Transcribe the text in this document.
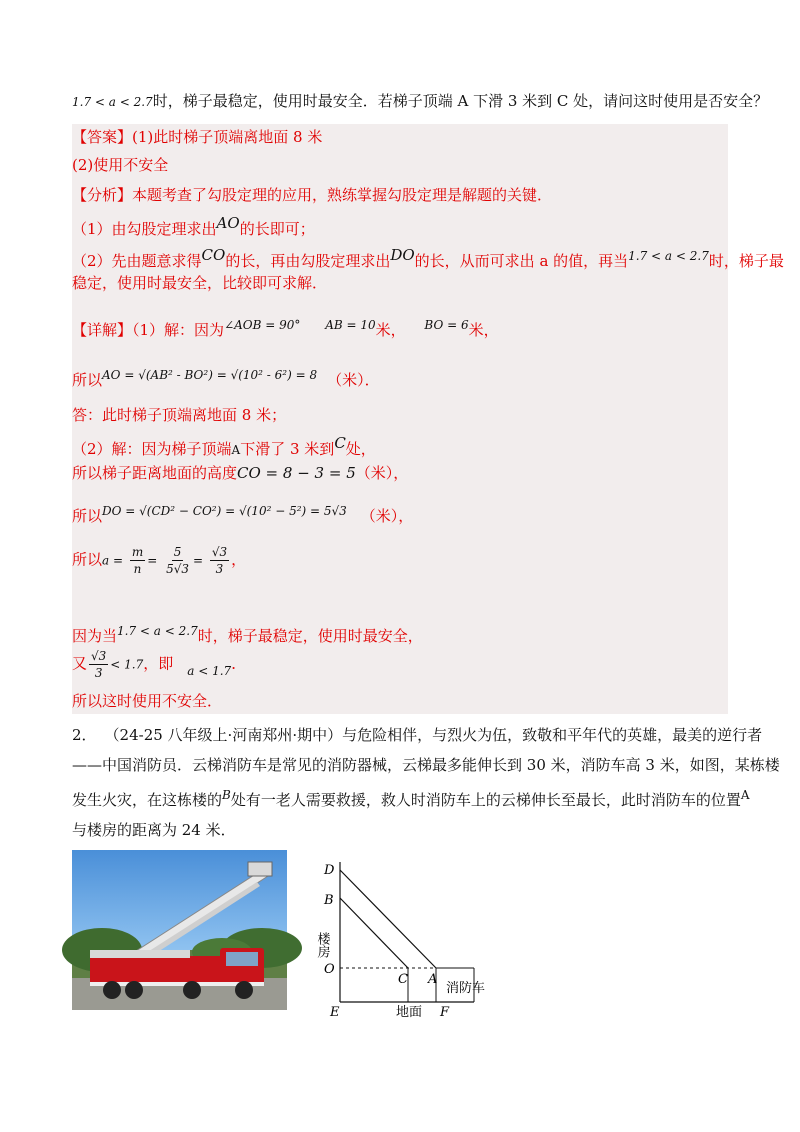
1.7 < a < 2.7时，梯子最稳定，使用时最安全．若梯子顶端 A 下滑 3 米到 C 处，请问这时使用是否安全？
【答案】(1)此时梯子顶端离地面 8 米
(2)使用不安全
【分析】本题考查了勾股定理的应用，熟练掌握勾股定理是解题的关键．
（1）由勾股定理求出AO的长即可；
（2）先由题意求得CO的长，再由勾股定理求出DO的长，从而可求出 a 的值，再当$^{1.7 < a < 2.7}$时，梯子最
稳定，使用时最安全，比较即可求解．
【详解】（1）解：因为$^{\angle AOB = 90^\circ}$ $^{AB = 10}$米， $^{BO = 6}$米，
所以$^{AO = √(AB^2 - BO^2) = √(10^2 - 6^2) = 8}$ （米）．
答：此时梯子顶端离地面 8 米；
（2）解：因为梯子顶端A下滑了 3 米到C处，
所以梯子距离地面的高度CO = 8 − 3 = 5（米），
所以$^{DO = √(CD^2 - CO^2) = √(10^2 - 5^2) = 5√3}$ （米），
所以$a = \frac{m}{n} = \frac{5}{5√3} = \frac{√3}{3}$ ，
因为当$^{1.7 < a < 2.7}$时，梯子最稳定，使用时最安全，
又 $\frac{√3}{3} < 1.7$，即 $_{a < 1.7}$．
所以这时使用不安全．
2． （24-25 八年级上·河南郑州·期中）与危险相伴，与烈火为伍，致敬和平年代的英雄，最美的逆行者
——中国消防员．云梯消防车是常见的消防器械，云梯最多能伸长到 30 米，消防车高 3 米，如图，某栋楼
发生火灾，在这栋楼的$^B$处有一老人需要救援，救人时消防车上的云梯伸长至最长，此时消防车的位置$^A$
与楼房的距离为 24 米．
D
B
O
C A
E	F
楼房
地面
消防车
